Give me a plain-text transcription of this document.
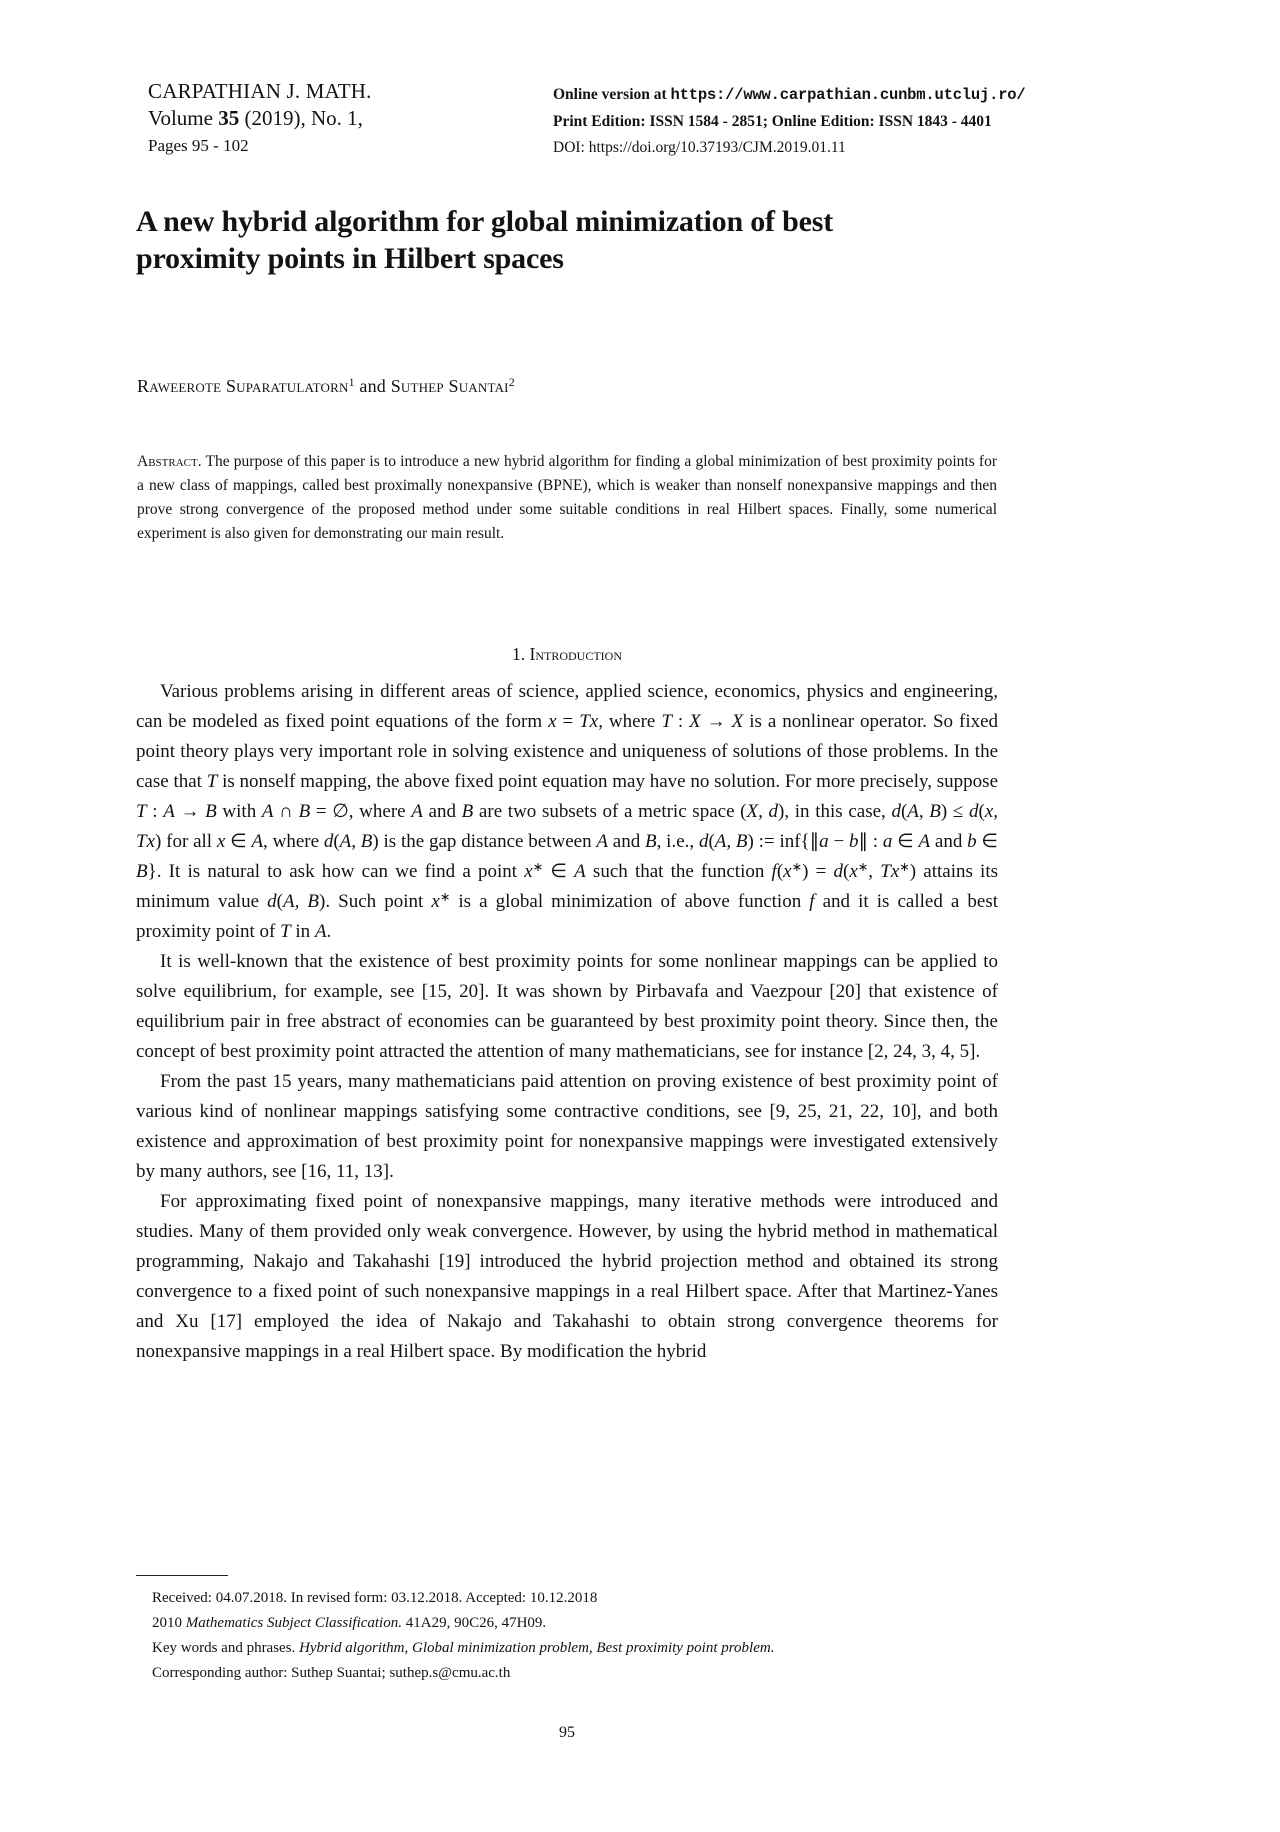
CARPATHIAN J. MATH.
Volume 35 (2019), No. 1,
Pages 95 - 102
Online version at https://www.carpathian.cunbm.utcluj.ro/
Print Edition: ISSN 1584 - 2851; Online Edition: ISSN 1843 - 4401
DOI: https://doi.org/10.37193/CJM.2019.01.11
A new hybrid algorithm for global minimization of best
proximity points in Hilbert spaces
Raweerote Suparatulatorn$^1$ and Suthep Suantai$^2$
Abstract. The purpose of this paper is to introduce a new hybrid algorithm for finding a global minimization of best proximity points for a new class of mappings, called best proximally nonexpansive (BPNE), which is weaker than nonself nonexpansive mappings and then prove strong convergence of the proposed method under some suitable conditions in real Hilbert spaces. Finally, some numerical experiment is also given for demonstrating our main result.
1. Introduction

Various problems arising in different areas of science, applied science, economics, physics and engineering, can be modeled as fixed point equations of the form x = Tx, where T : X → X is a nonlinear operator. So fixed point theory plays very important role in solving existence and uniqueness of solutions of those problems. In the case that T is nonself mapping, the above fixed point equation may have no solution. For more precisely, suppose T : A → B with A ∩ B = ∅, where A and B are two subsets of a metric space (X, d), in this case, d(A, B) ≤ d(x, Tx) for all x ∈ A, where d(A, B) is the gap distance between A and B, i.e., d(A, B) := inf{∥a − b∥ : a ∈ A and b ∈ B}. It is natural to ask how can we find a point x∗ ∈ A such that the function f(x∗) = d(x∗, Tx∗) attains its minimum value d(A, B). Such point x∗ is a global minimization of above function f and it is called a best proximity point of T in A.

It is well-known that the existence of best proximity points for some nonlinear mappings can be applied to solve equilibrium, for example, see [15, 20]. It was shown by Pirbavafa and Vaezpour [20] that existence of equilibrium pair in free abstract of economies can be guaranteed by best proximity point theory. Since then, the concept of best proximity point attracted the attention of many mathematicians, see for instance [2, 24, 3, 4, 5].

From the past 15 years, many mathematicians paid attention on proving existence of best proximity point of various kind of nonlinear mappings satisfying some contractive conditions, see [9, 25, 21, 22, 10], and both existence and approximation of best proximity point for nonexpansive mappings were investigated extensively by many authors, see [16, 11, 13].

For approximating fixed point of nonexpansive mappings, many iterative methods were introduced and studies. Many of them provided only weak convergence. However, by using the hybrid method in mathematical programming, Nakajo and Takahashi [19] introduced the hybrid projection method and obtained its strong convergence to a fixed point of such nonexpansive mappings in a real Hilbert space. After that Martinez-Yanes and Xu [17] employed the idea of Nakajo and Takahashi to obtain strong convergence theorems for nonexpansive mappings in a real Hilbert space. By modification the hybrid

Received: 04.07.2018. In revised form: 03.12.2018. Accepted: 10.12.2018
2010 Mathematics Subject Classification. 41A29, 90C26, 47H09.
Key words and phrases. Hybrid algorithm, Global minimization problem, Best proximity point problem.
Corresponding author: Suthep Suantai; suthep.s@cmu.ac.th
95
